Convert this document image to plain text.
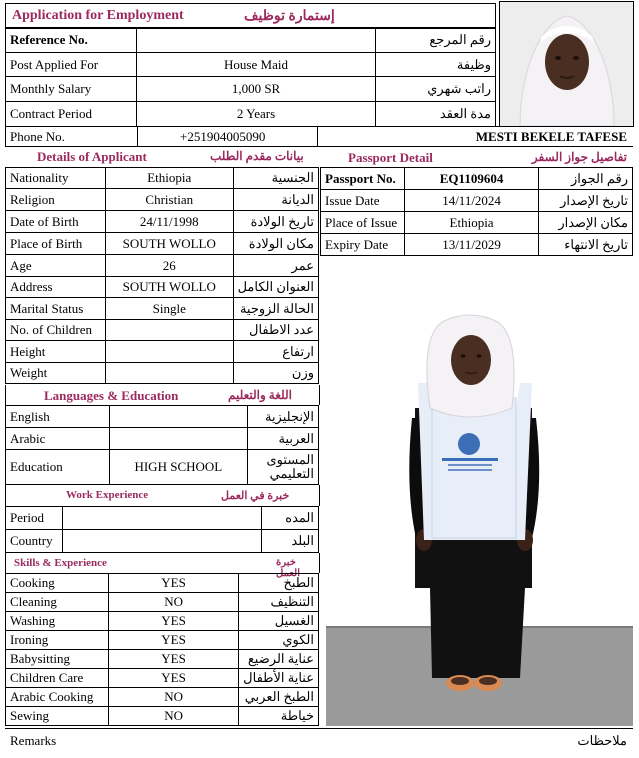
Application for Employment	إستمارة توظيف
Reference No.		رقم المرجع
Post Applied For	House Maid	وظيفة
Monthly Salary	1,000 SR	راتب شهري
Contract Period	2 Years	مدة العقد
Phone No.	+251904005090	MESTI BEKELE TAFESE
Details of Applicant	بيانات مقدم الطلب
Nationality	Ethiopia	الجنسية
Religion	Christian	الديانة
Date of Birth	24/11/1998	تاريخ الولادة
Place of Birth	SOUTH WOLLO	مكان الولادة
Age	26	عمر
Address	SOUTH WOLLO	العنوان الكامل
Marital Status	Single	الحالة الزوجية
No. of Children		عدد الاطفال
Height		ارتفاع
Weight		وزن
Passport Detail	تفاصيل جواز السفر
Passport No.	EQ1109604	رقم الجواز
Issue Date	14/11/2024	تاريخ الإصدار
Place of Issue	Ethiopia	مكان الإصدار
Expiry Date	13/11/2029	تاريخ الانتهاء
Languages & Education	اللغة والتعليم
English		الإنجليزية
Arabic		العربية
Education	HIGH SCHOOL	المستوى التعليمي
Work Experience	خبرة في العمل
Period		المده
Country		البلد
Skills & Experience	خبرة العمل
Cooking	YES	الطبخ
Cleaning	NO	التنظيف
Washing	YES	الغسيل
Ironing	YES	الكوي
Babysitting	YES	عناية الرضيع
Children Care	YES	عناية الأطفال
Arabic Cooking	NO	الطبخ العربي
Sewing	NO	خياطة
Remarks	ملاحظات
